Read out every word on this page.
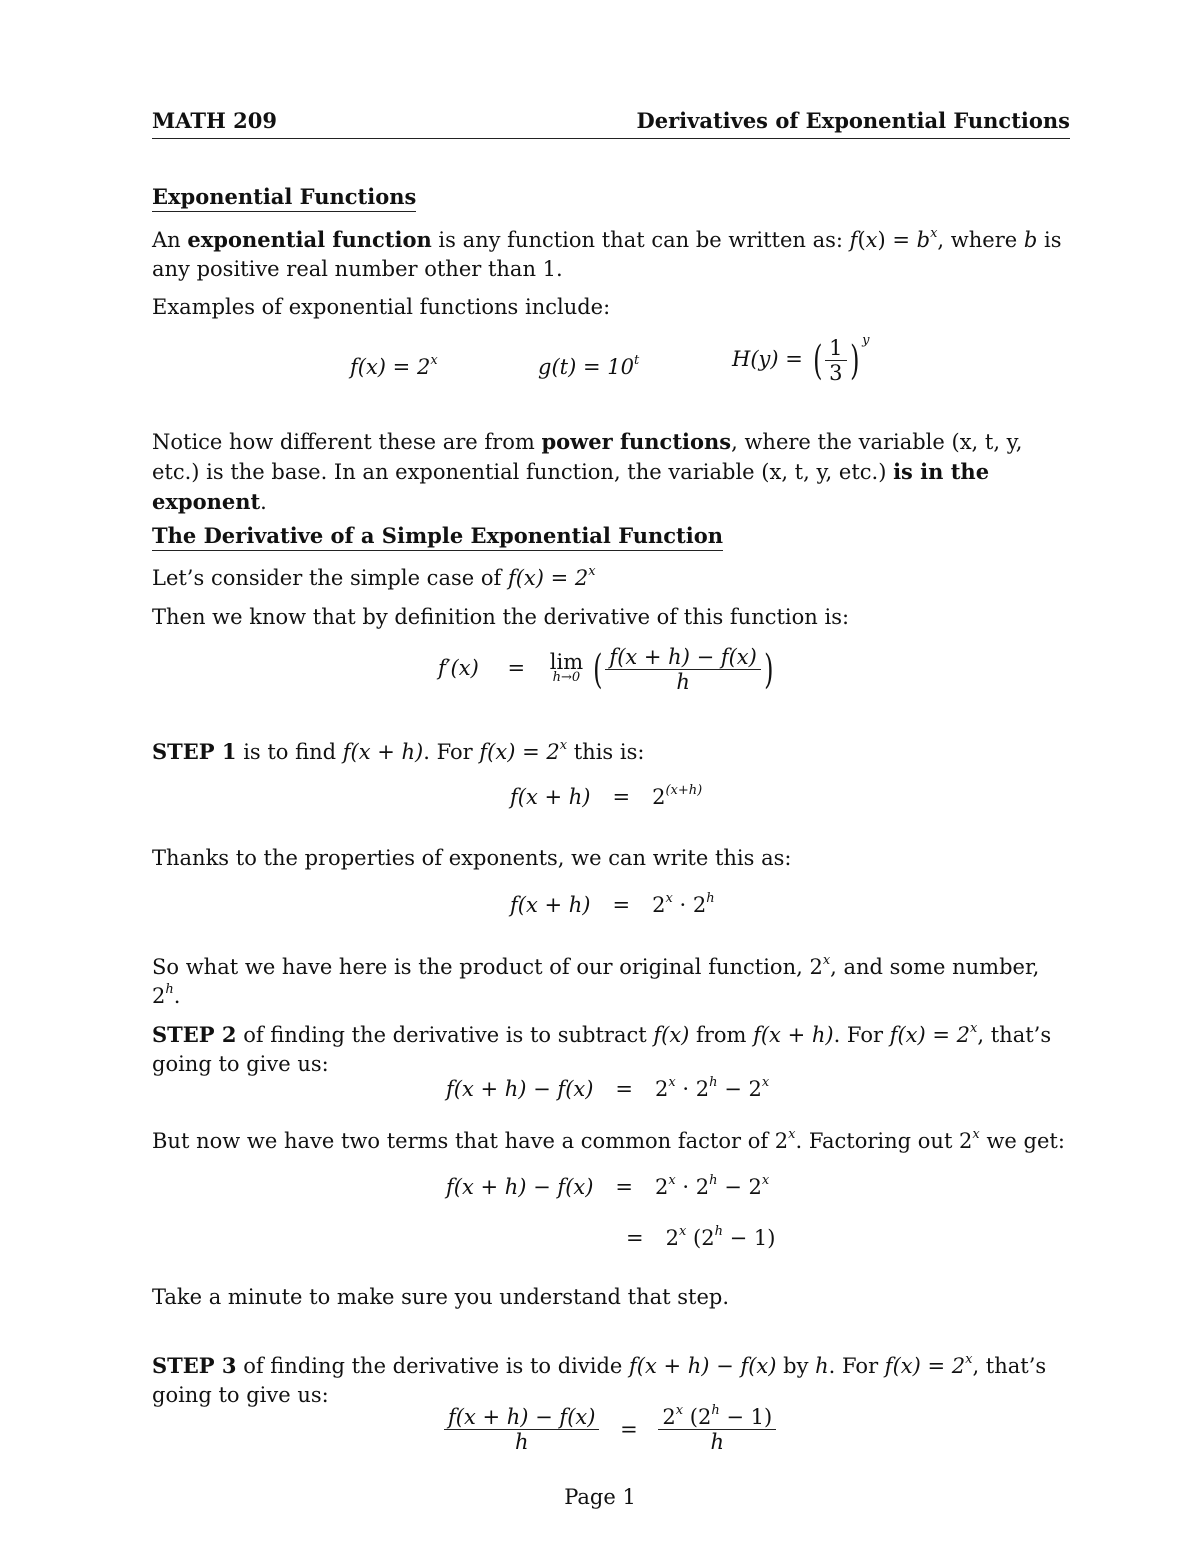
MATH 209	Derivatives of Exponential Functions
Exponential Functions
An exponential function is any function that can be written as: $f(x) = b^x$, where b is any positive real number other than 1.
Examples of exponential functions include:
$f(x) = 2^x$	$g(t) = 10^t$	H(y) = ( $\frac{1}{3}$ ) $^y$
Notice how different these are from power functions, where the variable (x, t, y, etc.) is the base. In an exponential function, the variable (x, t, y, etc.) is in the exponent.
The Derivative of a Simple Exponential Function
Let’s consider the simple case of $f(x) = 2^x$
Then we know that by definition the derivative of this function is:
f′(x) = lim
h→0 ( $\frac{f(x + h) - f(x)}{h}$ )
STEP 1 is to find f(x + h). For $f(x) = 2^x$ this is:
$f(x + h) = 2^{(x+h)}$
Thanks to the properties of exponents, we can write this as:
$f(x + h) = 2^x \cdot 2^h$
So what we have here is the product of our original function, 2$^x$, and some number, 2$^h$.
STEP 2 of finding the derivative is to subtract f(x) from f(x + h). For $f(x) = 2^x$, that’s going to give us:
$f(x + h) - f(x) = 2^x \cdot 2^h - 2^x$
But now we have two terms that have a common factor of 2$^x$. Factoring out 2$^x$ we get:
$f(x + h) - f(x) = 2^x \cdot 2^h - 2^x$
= $2^x$ $(2^h - 1)$
Take a minute to make sure you understand that step.
STEP 3 of finding the derivative is to divide f(x + h) − f(x) by h. For $f(x) = 2^x$, that’s going to give us:
$\frac{f(x + h) - f(x)}{h} = \frac{2^x (2^h - 1)}{h}$
Page 1
